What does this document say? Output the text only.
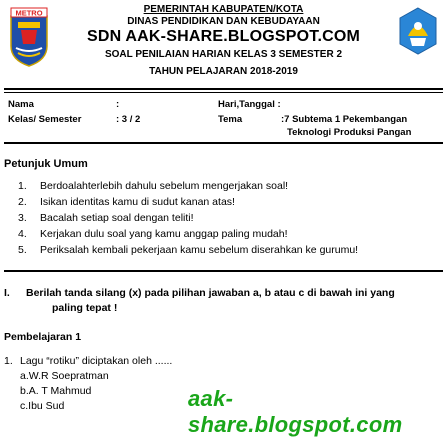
METRO	PEMERINTAH KABUPATEN/KOTA
DINAS PENDIDIKAN DAN KEBUDAYAAN
SDN AAK-SHARE.BLOGSPOT.COM
SOAL PENILAIAN HARIAN KELAS 3 SEMESTER 2
TAHUN PELAJARAN 2018-2019
Nama	:
Kelas/ Semester	: 3 / 2
Hari,Tanggal :
Tema	:7 Subtema 1 Pekembangan
Teknologi Produksi Pangan
Petunjuk Umum
1.	Berdoalahterlebih dahulu sebelum mengerjakan soal!
2.	Isikan identitas kamu di sudut kanan atas!
3.	Bacalah setiap soal dengan teliti!
4.	Kerjakan dulu soal yang kamu anggap paling mudah!
5.	Periksalah kembali pekerjaan kamu sebelum diserahkan ke gurumu!
I. Berilah tanda silang (x) pada pilihan jawaban a, b atau c di bawah ini yang
paling tepat !
Pembelajaran 1
1. Lagu “rotiku” diciptakan oleh ......
a.W.R Soepratman
b.A. T Mahmud
c.Ibu Sud	aak-share.blogspot.com
